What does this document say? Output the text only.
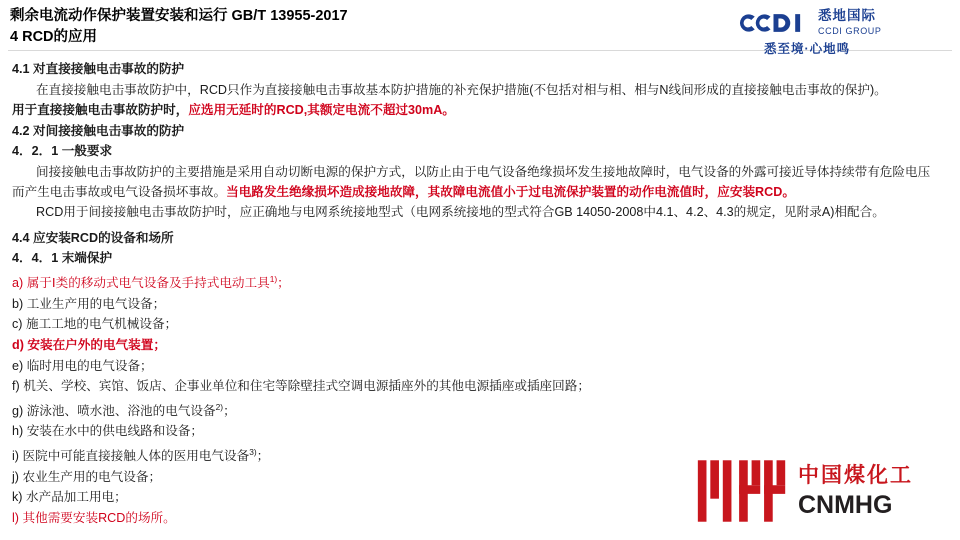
剩余电流动作保护装置安装和运行 GB/T 13955-2017
4 RCD的应用
悉地国际
CCDI GROUP
悉至境·心地鸣
4.1 对直接接触电击事故的防护
在直接接触电击事故防护中，RCD只作为直接接触电击事故基本防护措施的补充保护措施(不包括对相与相、相与N线间形成的直接接触电击事故的保护)。
用于直接接触电击事故防护时，应选用无延时的RCD,其额定电流不超过30mA。
4.2 对间接接触电击事故的防护
4．2．1 一般要求
间接接触电击事故防护的主要措施是采用自动切断电源的保护方式，以防止由于电气设备绝缘损坏发生接地故障时，电气设备的外露可接近导体持续带有危险电压而产生电击事故或电气设备损坏事故。当电路发生绝缘损坏造成接地故障，其故障电流值小于过电流保护装置的动作电流值时，应安装RCD。
RCD用于间接接触电击事故防护时，应正确地与电网系统接地型式（电网系统接地的型式符合GB 14050-2008中4.1、4.2、4.3的规定，见附录A)相配合。
4.4 应安装RCD的设备和场所
4．4．1 末端保护
a) 属于Ⅰ类的移动式电气设备及手持式电动工具$^{1)}$；
b) 工业生产用的电气设备；
c) 施工工地的电气机械设备；
d) 安装在户外的电气装置；
e) 临时用电的电气设备；
f) 机关、学校、宾馆、饭店、企事业单位和住宅等除壁挂式空调电源插座外的其他电源插座或插座回路；
g) 游泳池、喷水池、浴池的电气设备$^{2)}$；
h) 安装在水中的供电线路和设备；
i) 医院中可能直接接触人体的医用电气设备$^{3)}$；
j) 农业生产用的电气设备；
k) 水产品加工用电；
l) 其他需要安装RCD的场所。
中国煤化工
CNMHG
